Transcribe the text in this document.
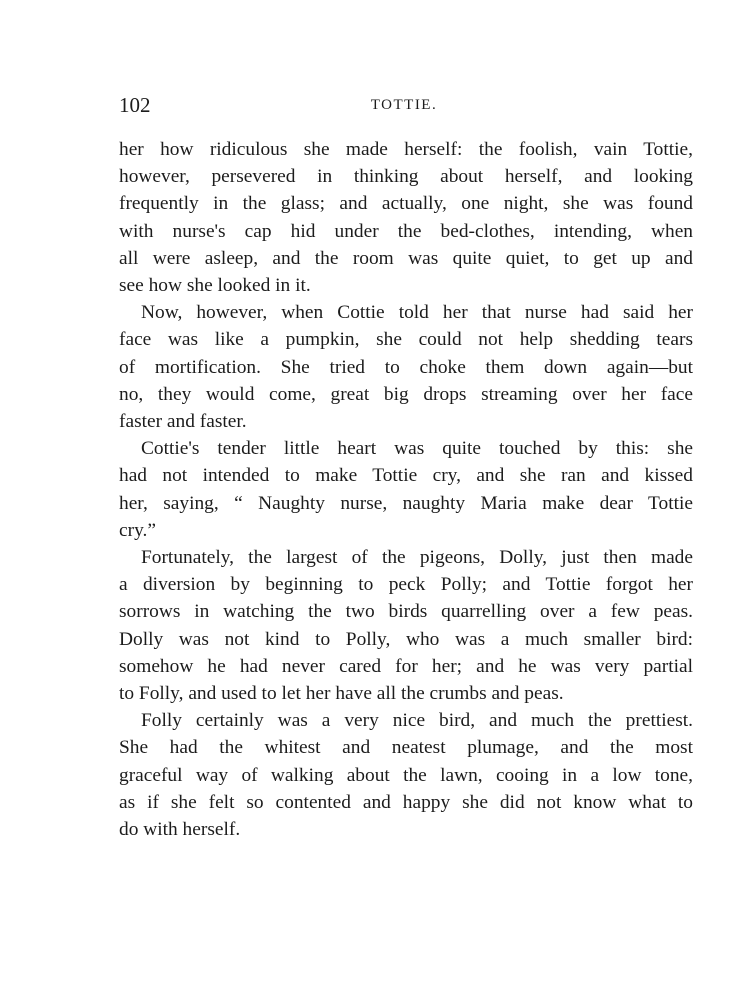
102	TOTTIE.

her how ridiculous she made herself: the foolish, vain Tottie,
however, persevered in thinking about herself, and looking
frequently in the glass; and actually, one night, she was found
with nurse's cap hid under the bed-clothes, intending, when
all were asleep, and the room was quite quiet, to get up and
see how she looked in it.

Now, however, when Cottie told her that nurse had said her
face was like a pumpkin, she could not help shedding tears
of mortification. She tried to choke them down again—but
no, they would come, great big drops streaming over her face
faster and faster.

Cottie's tender little heart was quite touched by this: she
had not intended to make Tottie cry, and she ran and kissed
her, saying, “ Naughty nurse, naughty Maria make dear Tottie
cry.”

Fortunately, the largest of the pigeons, Dolly, just then made
a diversion by beginning to peck Polly; and Tottie forgot her
sorrows in watching the two birds quarrelling over a few peas.
Dolly was not kind to Polly, who was a much smaller bird:
somehow he had never cared for her; and he was very partial
to Folly, and used to let her have all the crumbs and peas.

Folly certainly was a very nice bird, and much the prettiest.
She had the whitest and neatest plumage, and the most
graceful way of walking about the lawn, cooing in a low tone,
as if she felt so contented and happy she did not know what to
do with herself.
